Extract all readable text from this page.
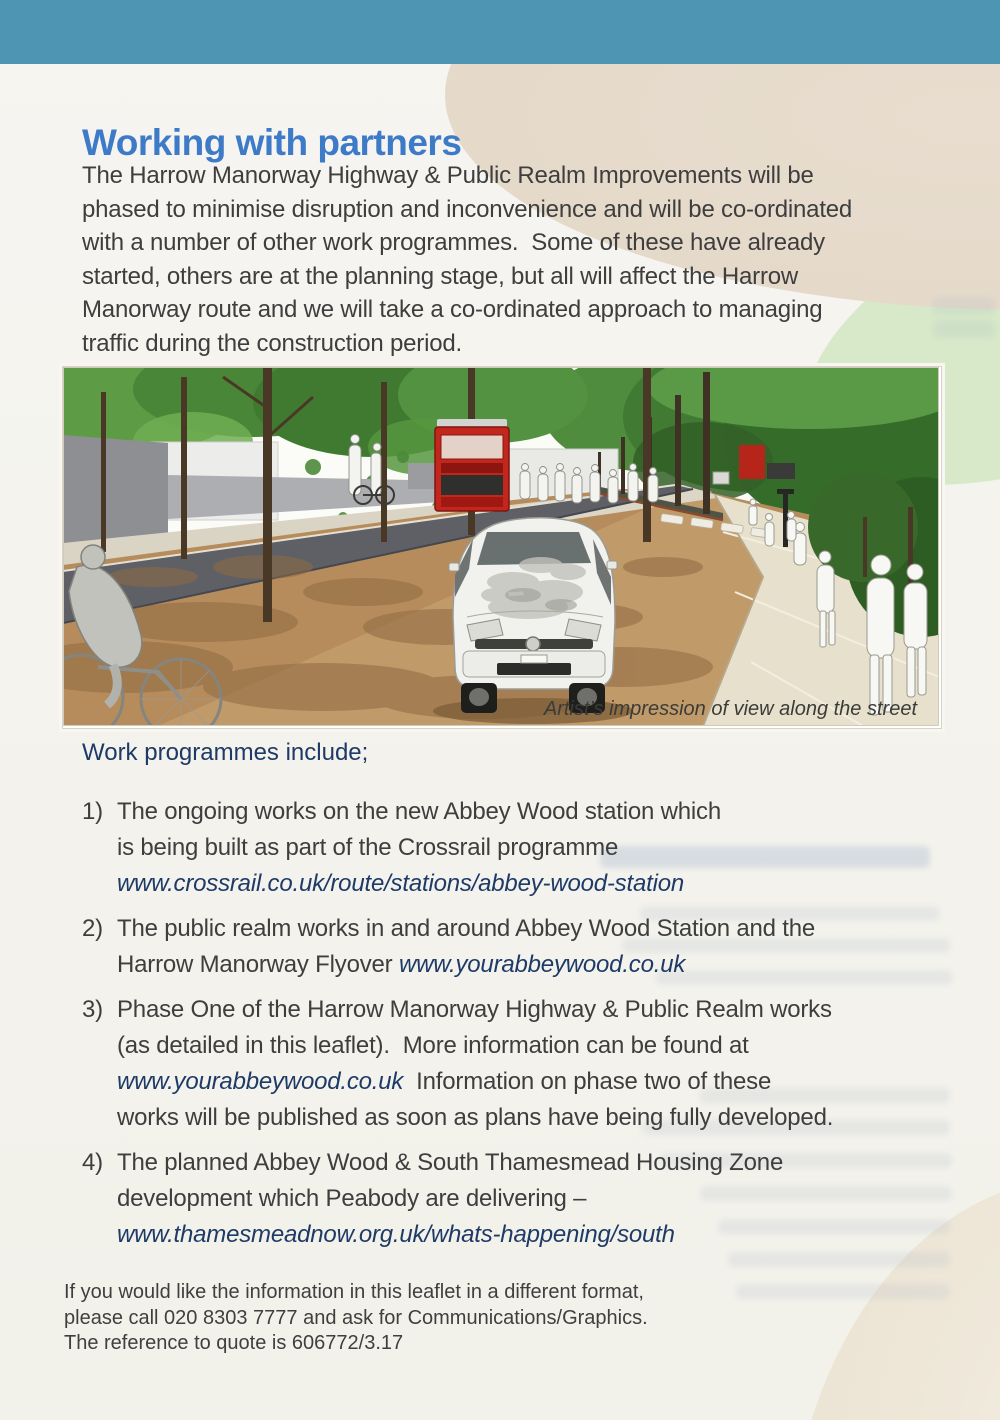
Working with partners
The Harrow Manorway Highway & Public Realm Improvements will be
phased to minimise disruption and inconvenience and will be co-ordinated
with a number of other work programmes.  Some of these have already
started, others are at the planning stage, but all will affect the Harrow
Manorway route and we will take a co-ordinated approach to managing
traffic during the construction period.
Artist’s impression of view along the street
Work programmes include;
1) The ongoing works on the new Abbey Wood station which
is being built as part of the Crossrail programme
www.crossrail.co.uk/route/stations/abbey-wood-station
2) The public realm works in and around Abbey Wood Station and the
Harrow Manorway Flyover www.yourabbeywood.co.uk
3) Phase One of the Harrow Manorway Highway & Public Realm works
(as detailed in this leaflet).  More information can be found at
www.yourabbeywood.co.uk  Information on phase two of these
works will be published as soon as plans have being fully developed.
4) The planned Abbey Wood & South Thamesmead Housing Zone
development which Peabody are delivering –
www.thamesmeadnow.org.uk/whats-happening/south
If you would like the information in this leaflet in a different format,
please call 020 8303 7777 and ask for Communications/Graphics.
The reference to quote is 606772/3.17
